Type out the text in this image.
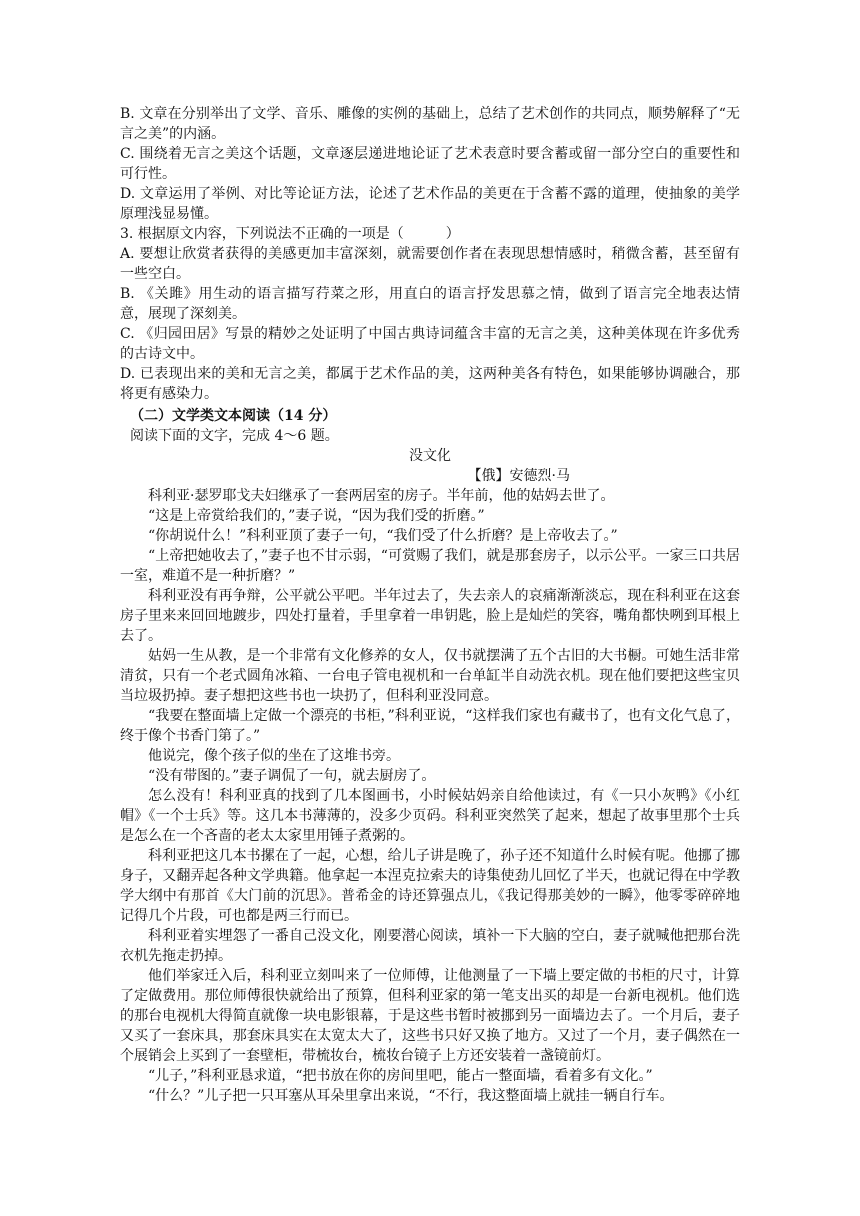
B. 文章在分别举出了文学、音乐、雕像的实例的基础上，总结了艺术创作的共同点，顺势解释了“无言之美”的内涵。

C. 围绕着无言之美这个话题，文章逐层递进地论证了艺术表意时要含蓄或留一部分空白的重要性和可行性。

D. 文章运用了举例、对比等论证方法，论述了艺术作品的美更在于含蓄不露的道理，使抽象的美学原理浅显易懂。

3. 根据原文内容，下列说法不正确的一项是（　　　）

A. 要想让欣赏者获得的美感更加丰富深刻，就需要创作者在表现思想情感时，稍微含蓄，甚至留有一些空白。

B. 《关雎》用生动的语言描写荇菜之形，用直白的语言抒发思慕之情，做到了语言完全地表达情意，展现了深刻美。

C. 《归园田居》写景的精妙之处证明了中国古典诗词蕴含丰富的无言之美，这种美体现在许多优秀的古诗文中。

D. 已表现出来的美和无言之美，都属于艺术作品的美，这两种美各有特色，如果能够协调融合，那将更有感染力。

（二）文学类文本阅读（14 分）

阅读下面的文字，完成 4～6 题。

没文化

【俄】安德烈·马

科利亚·瑟罗耶戈夫妇继承了一套两居室的房子。半年前，他的姑妈去世了。

“这是上帝赏给我们的，”妻子说，“因为我们受的折磨。”

“你胡说什么！”科利亚顶了妻子一句，“我们受了什么折磨？是上帝收去了。”

“上帝把她收去了，”妻子也不甘示弱，“可赏赐了我们，就是那套房子，以示公平。一家三口共居一室，难道不是一种折磨？”

科利亚没有再争辩，公平就公平吧。半年过去了，失去亲人的哀痛渐渐淡忘，现在科利亚在这套房子里来来回回地踱步，四处打量着，手里拿着一串钥匙，脸上是灿烂的笑容，嘴角都快咧到耳根上去了。

姑妈一生从教，是一个非常有文化修养的女人，仅书就摆满了五个古旧的大书橱。可她生活非常清贫，只有一个老式圆角冰箱、一台电子管电视机和一台单缸半自动洗衣机。现在他们要把这些宝贝当垃圾扔掉。妻子想把这些书也一块扔了，但科利亚没同意。

“我要在整面墙上定做一个漂亮的书柜，”科利亚说，“这样我们家也有藏书了，也有文化气息了，终于像个书香门第了。”

他说完，像个孩子似的坐在了这堆书旁。

“没有带图的。”妻子调侃了一句，就去厨房了。

怎么没有！科利亚真的找到了几本图画书，小时候姑妈亲自给他读过，有《一只小灰鸭》《小红帽》《一个士兵》等。这几本书薄薄的，没多少页码。科利亚突然笑了起来，想起了故事里那个士兵是怎么在一个吝啬的老太太家里用锤子煮粥的。

科利亚把这几本书摞在了一起，心想，给儿子讲是晚了，孙子还不知道什么时候有呢。他挪了挪身子，又翻弄起各种文学典籍。他拿起一本涅克拉索夫的诗集使劲儿回忆了半天，也就记得在中学教学大纲中有那首《大门前的沉思》。普希金的诗还算强点儿，《我记得那美妙的一瞬》，他零零碎碎地记得几个片段，可也都是两三行而已。

科利亚着实埋怨了一番自己没文化，刚要潜心阅读，填补一下大脑的空白，妻子就喊他把那台洗衣机先拖走扔掉。

他们举家迁入后，科利亚立刻叫来了一位师傅，让他测量了一下墙上要定做的书柜的尺寸，计算了定做费用。那位师傅很快就给出了预算，但科利亚家的第一笔支出买的却是一台新电视机。他们选的那台电视机大得简直就像一块电影银幕，于是这些书暂时被挪到另一面墙边去了。一个月后，妻子又买了一套床具，那套床具实在太宽太大了，这些书只好又换了地方。又过了一个月，妻子偶然在一个展销会上买到了一套壁柜，带梳妆台，梳妆台镜子上方还安装着一盏镜前灯。

“儿子，”科利亚恳求道，“把书放在你的房间里吧，能占一整面墙，看着多有文化。”

“什么？”儿子把一只耳塞从耳朵里拿出来说，“不行，我这整面墙上就挂一辆自行车。
